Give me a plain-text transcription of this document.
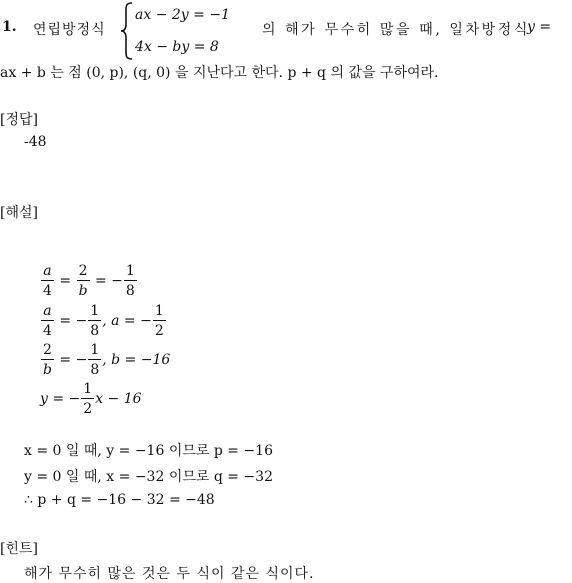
1. 연립방정식
ax − 2y = −1
4x − by = 8
의 해가 무수히 많을 때, 일차방정식
y =
ax + b 는 점 (0, p), (q, 0) 을 지난다고 한다. p + q 의 값을 구하여라.
[정답]
-48
[해설]
$\frac{a}{4} = \frac{2}{b}$ = − $\frac{1}{8}$
$\frac{a}{4}$ = − $\frac{1}{8}$ , a = − $\frac{1}{2}$
$\frac{2}{b}$ = − $\frac{1}{8}$ , b = −16
y = − $\frac{1}{2}$ x − 16
x = 0 일 때, y = −16 이므로 p = −16
y = 0 일 때, x = −32 이므로 q = −32
∴ p + q = −16 − 32 = −48
[힌트]
해가 무수히 많은 것은 두 식이 같은 식이다.
